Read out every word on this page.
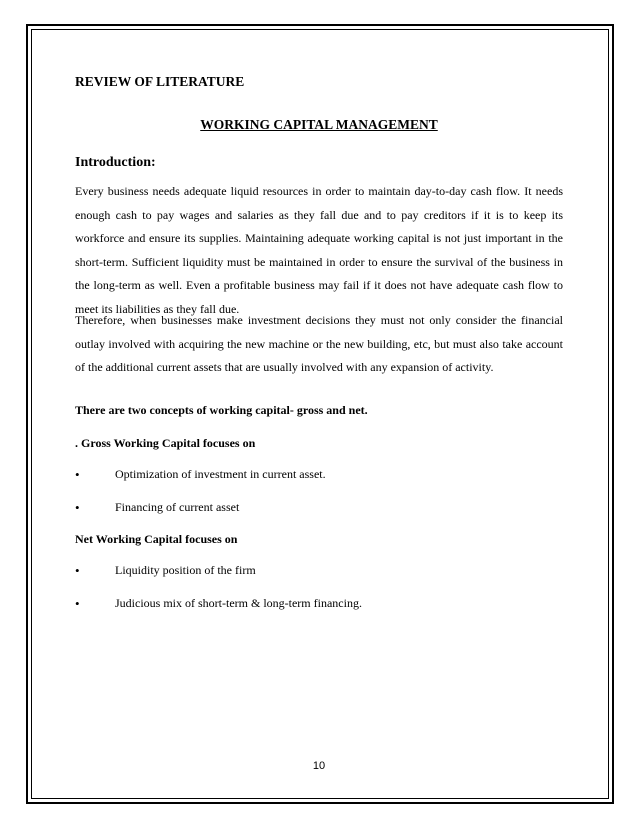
REVIEW OF LITERATURE
WORKING CAPITAL MANAGEMENT
Introduction:

Every business needs adequate liquid resources in order to maintain day-to-day cash flow. It needs enough cash to pay wages and salaries as they fall due and to pay creditors if it is to keep its workforce and ensure its supplies. Maintaining adequate working capital is not just important in the short-term. Sufficient liquidity must be maintained in order to ensure the survival of the business in the long-term as well. Even a profitable business may fail if it does not have adequate cash flow to meet its liabilities as they fall due.

Therefore, when businesses make investment decisions they must not only consider the financial outlay involved with acquiring the new machine or the new building, etc, but must also take account of the additional current assets that are usually involved with any expansion of activity.

There are two concepts of working capital- gross and net.
. Gross Working Capital focuses on
•	Optimization of investment in current asset.
•	Financing of current asset
Net Working Capital focuses on
•	Liquidity position of the firm
•	Judicious mix of short-term & long-term financing.
10
